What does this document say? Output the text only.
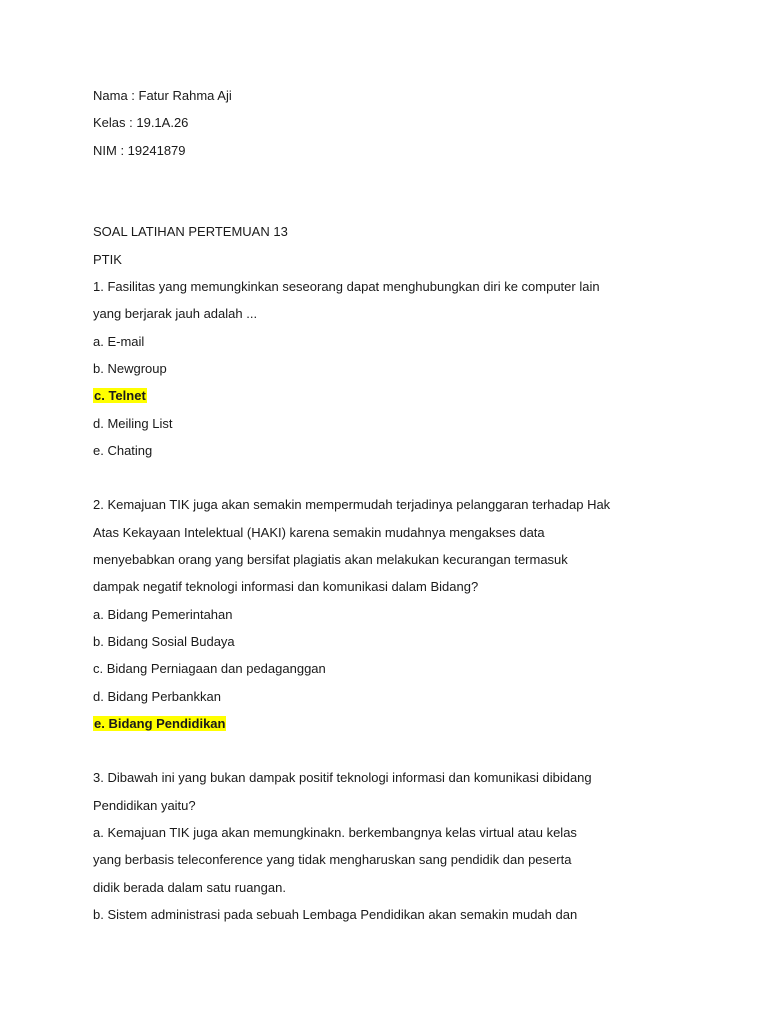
Nama : Fatur Rahma Aji
Kelas : 19.1A.26
NIM : 19241879
SOAL LATIHAN PERTEMUAN 13
PTIK
1. Fasilitas yang memungkinkan seseorang dapat menghubungkan diri ke computer lain
yang berjarak jauh adalah ...
a. E-mail
b. Newgroup
c. Telnet
d. Meiling List
e. Chating
2. Kemajuan TIK juga akan semakin mempermudah terjadinya pelanggaran terhadap Hak
Atas Kekayaan Intelektual (HAKI) karena semakin mudahnya mengakses data
menyebabkan orang yang bersifat plagiatis akan melakukan kecurangan termasuk
dampak negatif teknologi informasi dan komunikasi dalam Bidang?
a. Bidang Pemerintahan
b. Bidang Sosial Budaya
c. Bidang Perniagaan dan pedaganggan
d. Bidang Perbankkan
e. Bidang Pendidikan
3. Dibawah ini yang bukan dampak positif teknologi informasi dan komunikasi dibidang
Pendidikan yaitu?
a. Kemajuan TIK juga akan memungkinakn. berkembangnya kelas virtual atau kelas
yang berbasis teleconference yang tidak mengharuskan sang pendidik dan peserta
didik berada dalam satu ruangan.
b. Sistem administrasi pada sebuah Lembaga Pendidikan akan semakin mudah dan
